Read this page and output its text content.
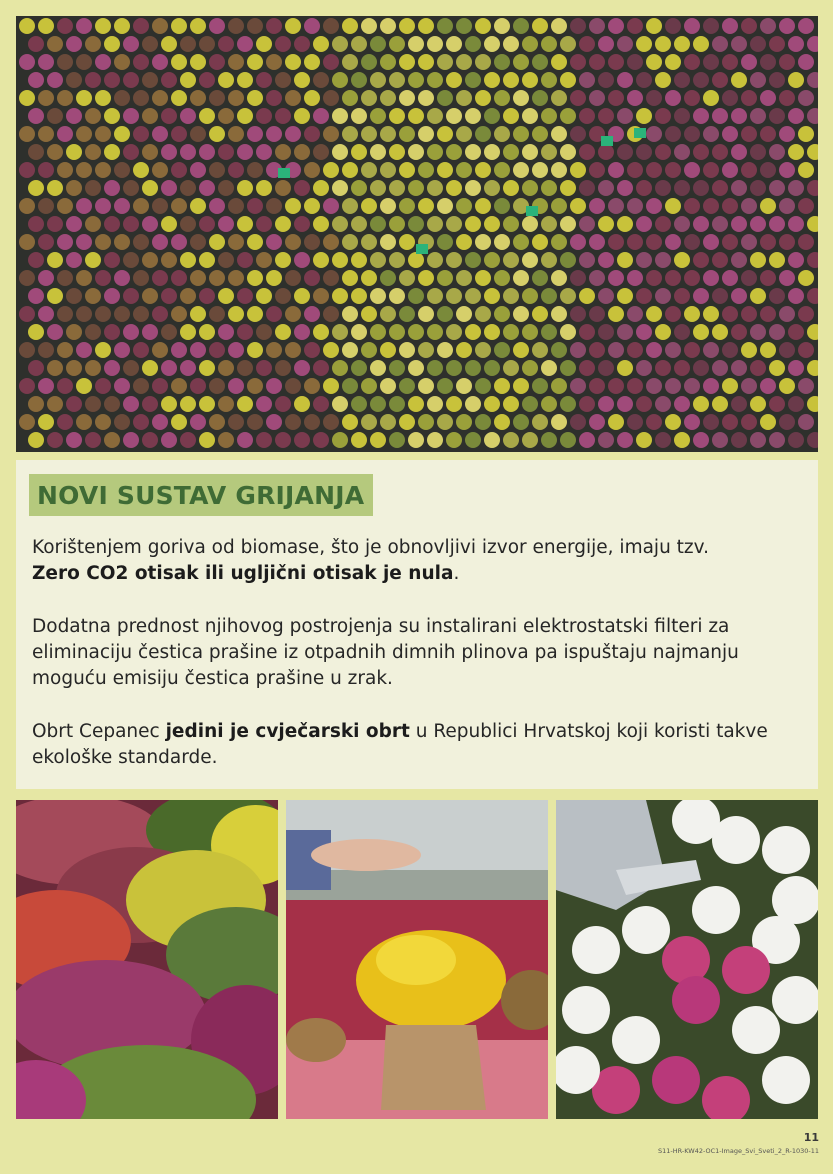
NOVI SUSTAV GRIJANJA
Korištenjem goriva od biomase, što je obnovljivi izvor energije, imaju tzv.
Zero CO2 otisak ili ugljični otisak je nula.
Dodatna prednost njihovog postrojenja su instalirani elektrostatski filteri za eliminaciju čestica prašine iz otpadnih dimnih plinova pa ispuštaju najmanju moguću emisiju čestica prašine u zrak.
Obrt Cepanec jedini je cvječarski obrt u Republici Hrvatskoj koji koristi takve ekološke standarde.
11
S11-HR-KW42-OC1-Image_Svi_Sveti_2_R-1030-11
